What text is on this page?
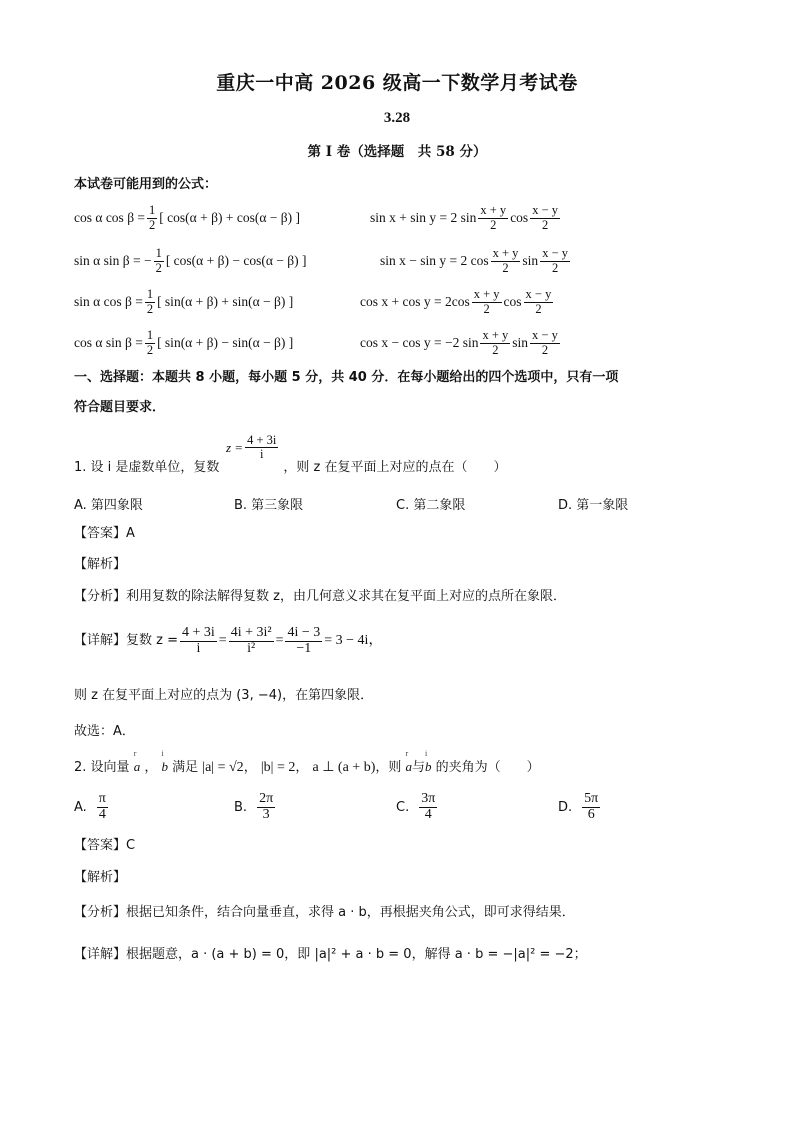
重庆一中高 2026 级高一下数学月考试卷
3.28
第 I 卷（选择题　共 58 分）
本试卷可能用到的公式：
cos α $\cos \beta = \frac{1}{2}$ [ cos(α + β) + cos(α − β) ]	sin x + sin y = 2 sin x + y
2 cos x − y
2
sin α sin β = − $\frac{1}{2}$ [ cos(α + β) − cos(α − β) ]	sin x − sin y = 2 cos x + y
2 sin x − y
2
sin α $\cos \beta = \frac{1}{2}$ [ sin(α + β) + sin(α − β) ]	cos x + cos y = 2cos x + y
2 cos x − y
2
cos α $\sin \beta = \frac{1}{2}$ [ sin(α + β) − sin(α − β) ]	cos x − cos y = −2 sin x + y
2 sin x − y
2
一、选择题：本题共 8 小题，每小题 5 分，共 40 分．在每小题给出的四个选项中，只有一项
符合题目要求．
$z = \frac{4 + 3i}{i}$
1. 设 i 是虚数单位，复数	，则 z 在复平面上对应的点在（　　）
A. 第四象限	B. 第三象限	C. 第二象限	D. 第一象限
【答案】A
【解析】
【分析】利用复数的除法解得复数 z，由几何意义求其在复平面上对应的点所在象限．
【详解】复数 $z = \frac{4 + 3i}{i} = \frac{\text{4i + 3i²}}{\text{i²}} = \frac{4i - 3}{-1} = 3 - 4i$，
则 z 在复平面上对应的点为 (3, −4)，在第四象限．
故选：A．
2. 设向量 r a ， i b 满足 |a| = √2， |b| = 2， a ⊥ (a + b)，则 r a与i b 的夹角为（　　）
A.
π
4	B.
2π
3	C.
3π
4	D.
5π
6
【答案】C
【解析】
【分析】根据已知条件，结合向量垂直，求得 a · b，再根据夹角公式，即可求得结果．
【详解】根据题意，a · (a + b) = 0，即 |a|² + a · b = 0，解得 a · b = −|a|² = −2；
